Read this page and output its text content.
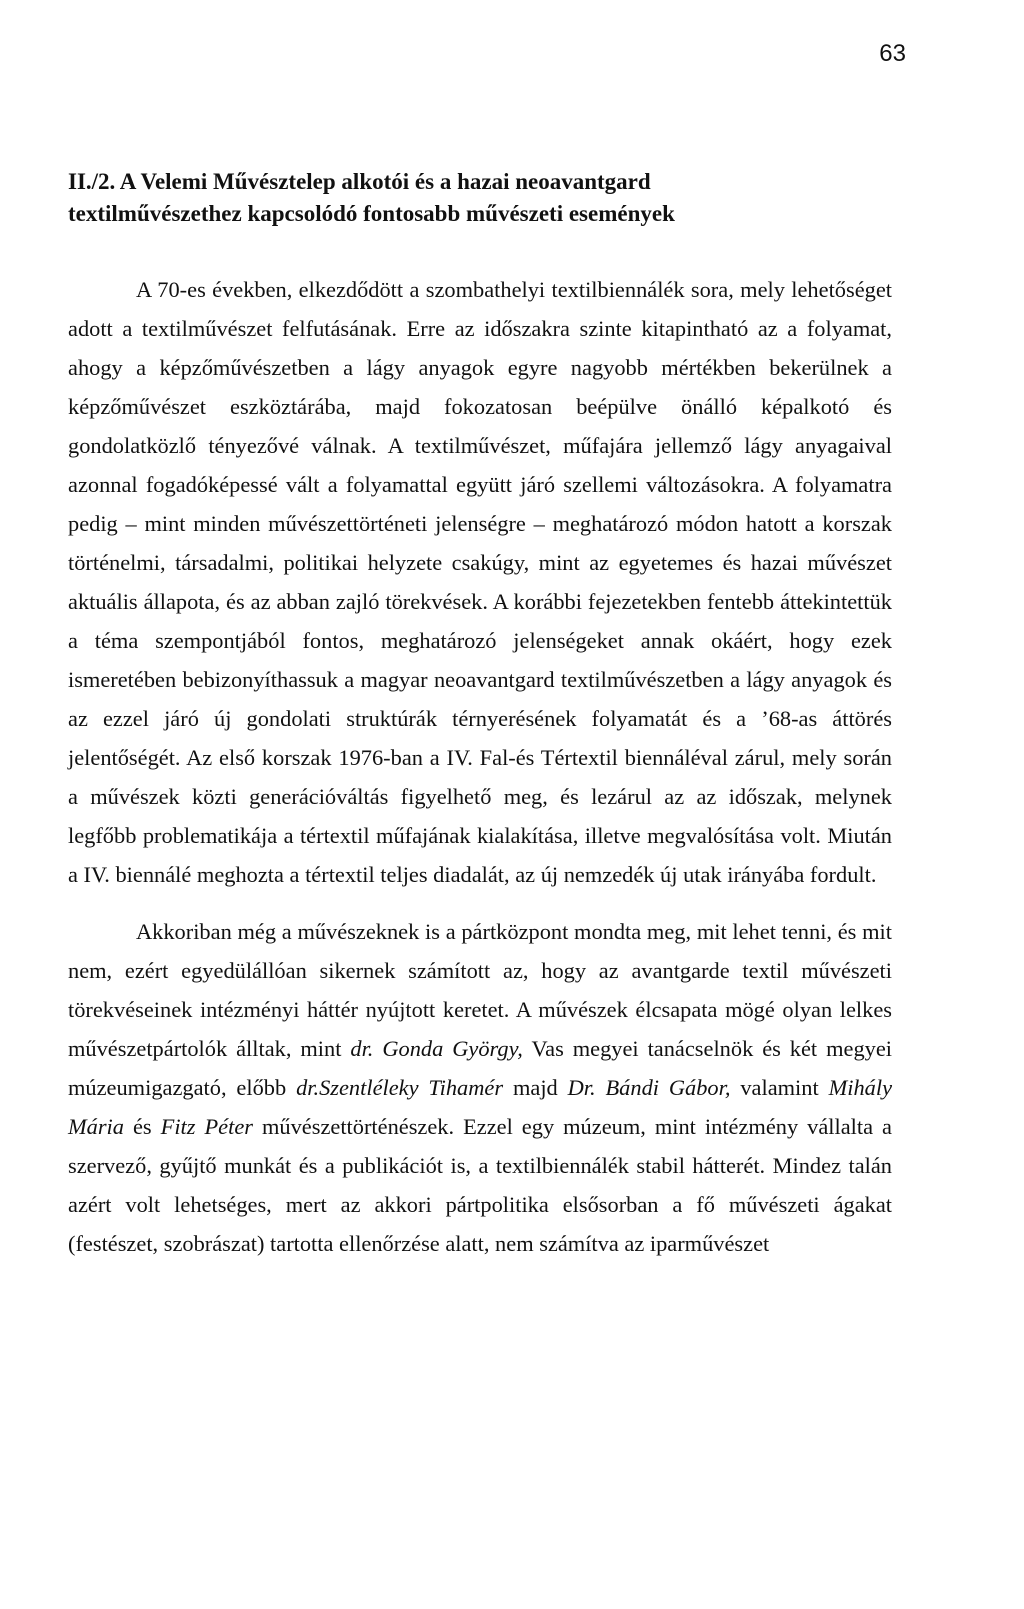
63
II./2. A Velemi Művésztelep alkotói és a hazai neoavantgard
textilművészethez kapcsolódó fontosabb művészeti események

A 70-es években, elkezdődött a szombathelyi textilbiennálék sora, mely lehetőséget adott a textilművészet felfutásának. Erre az időszakra szinte kitapintható az a folyamat, ahogy a képzőművészetben a lágy anyagok egyre nagyobb mértékben bekerülnek a képzőművészet eszköztárába, majd fokozatosan beépülve önálló képalkotó és gondolatközlő tényezővé válnak. A textilművészet, műfajára jellemző lágy anyagaival azonnal fogadóképessé vált a folyamattal együtt járó szellemi változásokra. A folyamatra pedig – mint minden művészettörténeti jelenségre – meghatározó módon hatott a korszak történelmi, társadalmi, politikai helyzete csakúgy, mint az egyetemes és hazai művészet aktuális állapota, és az abban zajló törekvések. A korábbi fejezetekben fentebb áttekintettük a téma szempontjából fontos, meghatározó jelenségeket annak okáért, hogy ezek ismeretében bebizonyíthassuk a magyar neoavantgard textilművészetben a lágy anyagok és az ezzel járó új gondolati struktúrák térnyerésének folyamatát és a ’68-as áttörés jelentőségét. Az első korszak 1976-ban a IV. Fal-és Tértextil biennáléval zárul, mely során a művészek közti generációváltás figyelhető meg, és lezárul az az időszak, melynek legfőbb problematikája a tértextil műfajának kialakítása, illetve megvalósítása volt. Miután a IV. biennálé meghozta a tértextil teljes diadalát, az új nemzedék új utak irányába fordult.

Akkoriban még a művészeknek is a pártközpont mondta meg, mit lehet tenni, és mit nem, ezért egyedülállóan sikernek számított az, hogy az avantgarde textil művészeti törekvéseinek intézményi háttér nyújtott keretet. A művészek élcsapata mögé olyan lelkes művészetpártolók álltak, mint dr. Gonda György, Vas megyei tanácselnök és két megyei múzeumigazgató, előbb dr.Szentléleky Tihamér majd Dr. Bándi Gábor, valamint Mihály Mária és Fitz Péter művészettörténészek. Ezzel egy múzeum, mint intézmény vállalta a szervező, gyűjtő munkát és a publikációt is, a textilbiennálék stabil hátterét. Mindez talán azért volt lehetséges, mert az akkori pártpolitika elsősorban a fő művészeti ágakat (festészet, szobrászat) tartotta ellenőrzése alatt, nem számítva az iparművészet
